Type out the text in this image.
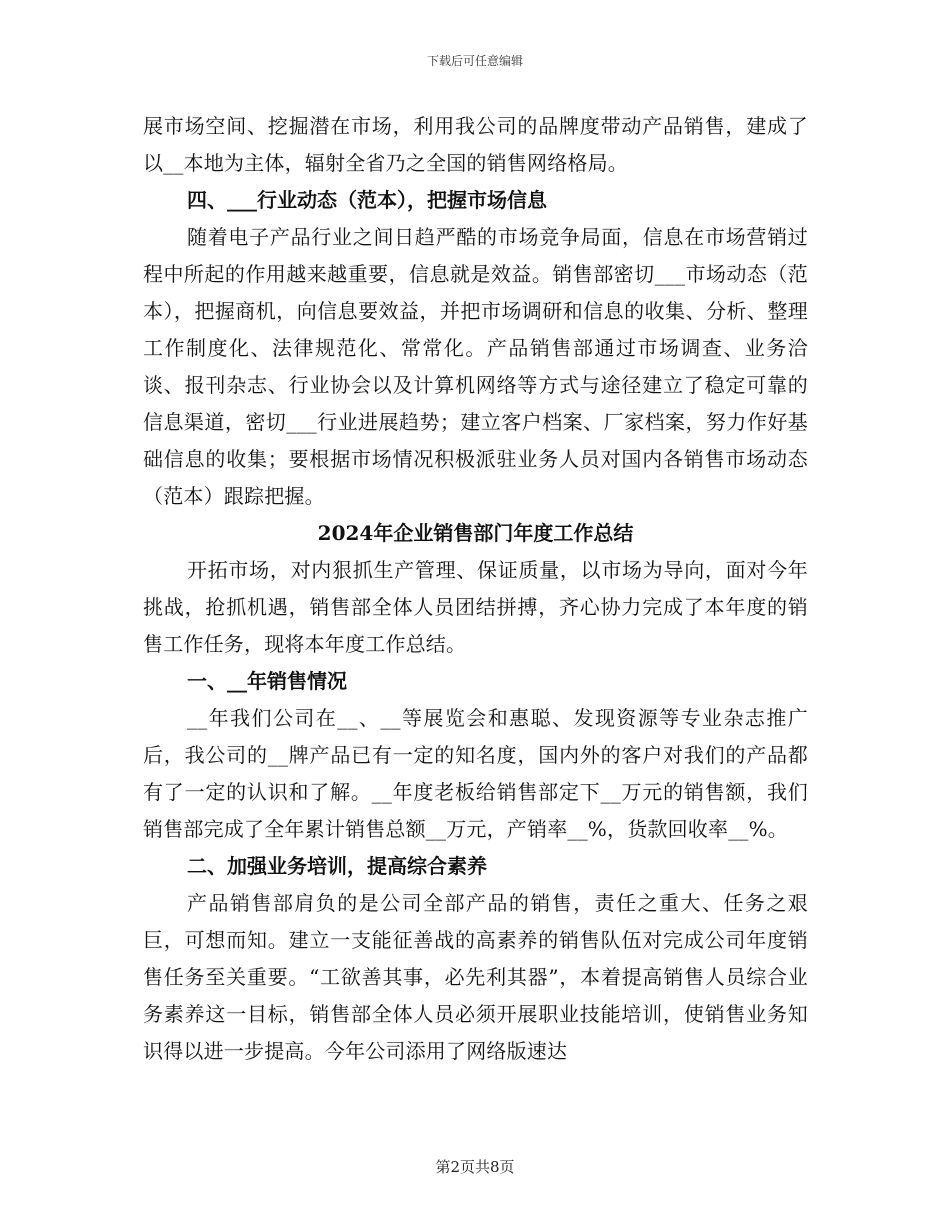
下载后可任意编辑

展市场空间、挖掘潜在市场，利用我公司的品牌度带动产品销售，建成了以__本地为主体，辐射全省乃之全国的销售网络格局。

四、___行业动态（范本），把握市场信息

随着电子产品行业之间日趋严酷的市场竞争局面，信息在市场营销过程中所起的作用越来越重要，信息就是效益。销售部密切___市场动态（范本），把握商机，向信息要效益，并把市场调研和信息的收集、分析、整理工作制度化、法律规范化、常常化。产品销售部通过市场调查、业务洽谈、报刊杂志、行业协会以及计算机网络等方式与途径建立了稳定可靠的信息渠道，密切___行业进展趋势；建立客户档案、厂家档案，努力作好基础信息的收集；要根据市场情况积极派驻业务人员对国内各销售市场动态（范本）跟踪把握。

2024年企业销售部门年度工作总结

开拓市场，对内狠抓生产管理、保证质量，以市场为导向，面对今年挑战，抢抓机遇，销售部全体人员团结拼搏，齐心协力完成了本年度的销售工作任务，现将本年度工作总结。

一、__年销售情况

__年我们公司在__、__等展览会和惠聪、发现资源等专业杂志推广后，我公司的__牌产品已有一定的知名度，国内外的客户对我们的产品都有了一定的认识和了解。__年度老板给销售部定下__万元的销售额，我们销售部完成了全年累计销售总额__万元，产销率__%，货款回收率__%。

二、加强业务培训，提高综合素养

产品销售部肩负的是公司全部产品的销售，责任之重大、任务之艰巨，可想而知。建立一支能征善战的高素养的销售队伍对完成公司年度销售任务至关重要。“工欲善其事，必先利其器”，本着提高销售人员综合业务素养这一目标，销售部全体人员必须开展职业技能培训，使销售业务知识得以进一步提高。今年公司添用了网络版速达

第2页共8页
